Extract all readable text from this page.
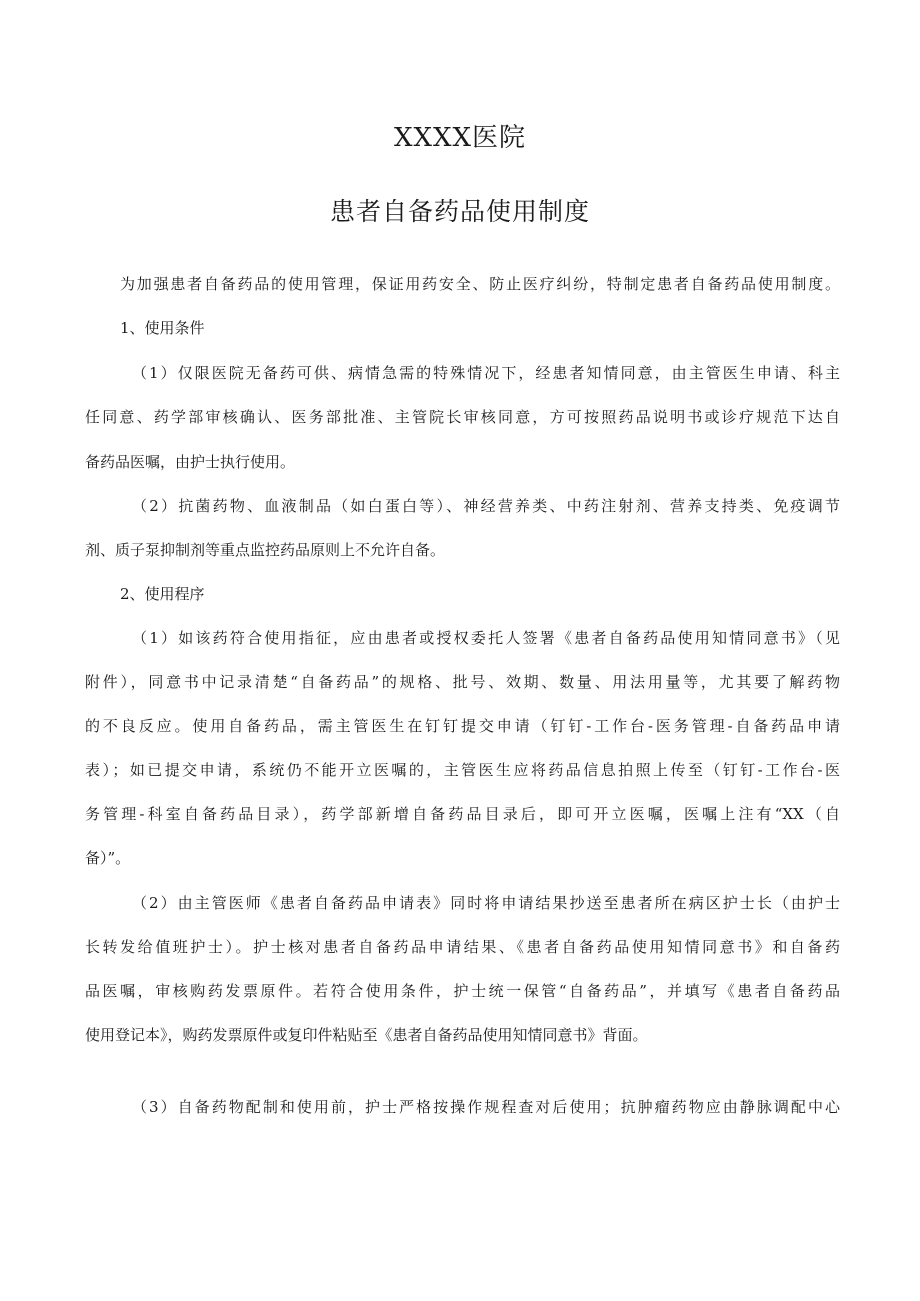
XXXX医院
患者自备药品使用制度
为加强患者自备药品的使用管理，保证用药安全、防止医疗纠纷，特制定患者自备药品使用制度。
1、使用条件
（1）仅限医院无备药可供、病情急需的特殊情况下，经患者知情同意，由主管医生申请、科主
任同意、药学部审核确认、医务部批准、主管院长审核同意，方可按照药品说明书或诊疗规范下达自
备药品医嘱，由护士执行使用。
（2）抗菌药物、血液制品（如白蛋白等）、神经营养类、中药注射剂、营养支持类、免疫调节
剂、质子泵抑制剂等重点监控药品原则上不允许自备。
2、使用程序
（1）如该药符合使用指征，应由患者或授权委托人签署《患者自备药品使用知情同意书》（见
附件），同意书中记录清楚“自备药品”的规格、批号、效期、数量、用法用量等，尤其要了解药物
的不良反应。使用自备药品，需主管医生在钉钉提交申请（钉钉-工作台-医务管理-自备药品申请
表）；如已提交申请，系统仍不能开立医嘱的，主管医生应将药品信息拍照上传至（钉钉-工作台-医
务管理-科室自备药品目录），药学部新增自备药品目录后，即可开立医嘱，医嘱上注有“XX（自
备）”。
（2）由主管医师《患者自备药品申请表》同时将申请结果抄送至患者所在病区护士长（由护士
长转发给值班护士）。护士核对患者自备药品申请结果、《患者自备药品使用知情同意书》和自备药
品医嘱，审核购药发票原件。若符合使用条件，护士统一保管“自备药品”，并填写《患者自备药品
使用登记本》，购药发票原件或复印件粘贴至《患者自备药品使用知情同意书》背面。
（3）自备药物配制和使用前，护士严格按操作规程查对后使用；抗肿瘤药物应由静脉调配中心
